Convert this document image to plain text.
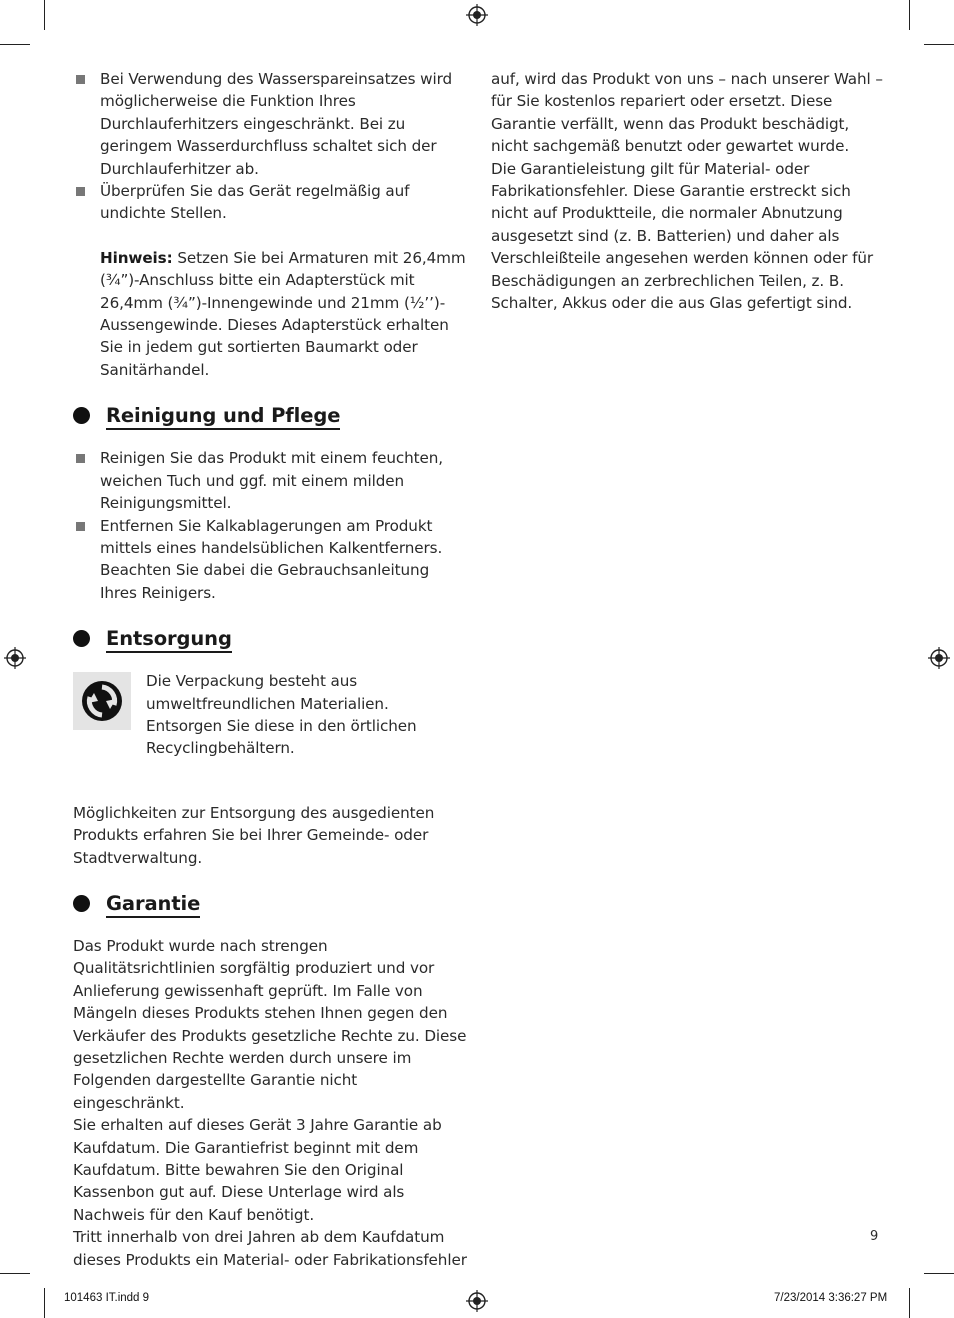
Bei Verwendung des Wasserspareinsatzes wird möglicherweise die Funktion Ihres Durchlauferhitzers eingeschränkt. Bei zu geringem Wasserdurchfluss schaltet sich der Durchlauferhitzer ab.

Überprüfen Sie das Gerät regelmäßig auf undichte Stellen.

Hinweis: Setzen Sie bei Armaturen mit 26,4mm (¾”)-Anschluss bitte ein Adapterstück mit 26,4mm (¾”)-Innengewinde und 21mm (½’’)-Aussengewinde. Dieses Adapterstück erhalten Sie in jedem gut sortierten Baumarkt oder Sanitärhandel.

Reinigung und Pflege

Reinigen Sie das Produkt mit einem feuchten, weichen Tuch und ggf. mit einem milden Reinigungsmittel.

Entfernen Sie Kalkablagerungen am Produkt mittels eines handelsüblichen Kalkentferners. Beachten Sie dabei die Gebrauchsanleitung Ihres Reinigers.

Entsorgung

Die Verpackung besteht aus umweltfreundlichen Materialien. Entsorgen Sie diese in den örtlichen Recyclingbehältern.

Möglichkeiten zur Entsorgung des ausgedienten Produkts erfahren Sie bei Ihrer Gemeinde- oder Stadtverwaltung.

Garantie

Das Produkt wurde nach strengen Qualitätsrichtlinien sorgfältig produziert und vor Anlieferung gewissenhaft geprüft. Im Falle von Mängeln dieses Produkts stehen Ihnen gegen den Verkäufer des Produkts gesetzliche Rechte zu. Diese gesetzlichen Rechte werden durch unsere im Folgenden dargestellte Garantie nicht eingeschränkt.

Sie erhalten auf dieses Gerät 3 Jahre Garantie ab Kaufdatum. Die Garantiefrist beginnt mit dem Kaufdatum. Bitte bewahren Sie den Original Kassenbon gut auf. Diese Unterlage wird als Nachweis für den Kauf benötigt.

Tritt innerhalb von drei Jahren ab dem Kaufdatum dieses Produkts ein Material- oder Fabrikationsfehler

auf, wird das Produkt von uns – nach unserer Wahl – für Sie kostenlos repariert oder ersetzt. Diese Garantie verfällt, wenn das Produkt beschädigt, nicht sachgemäß benutzt oder gewartet wurde.

Die Garantieleistung gilt für Material- oder Fabrikationsfehler. Diese Garantie erstreckt sich nicht auf Produktteile, die normaler Abnutzung ausgesetzt sind (z. B. Batterien) und daher als Verschleißteile angesehen werden können oder für Beschädigungen an zerbrechlichen Teilen, z. B. Schalter, Akkus oder die aus Glas gefertigt sind.

9
101463 IT.indd 9	7/23/2014 3:36:27 PM
